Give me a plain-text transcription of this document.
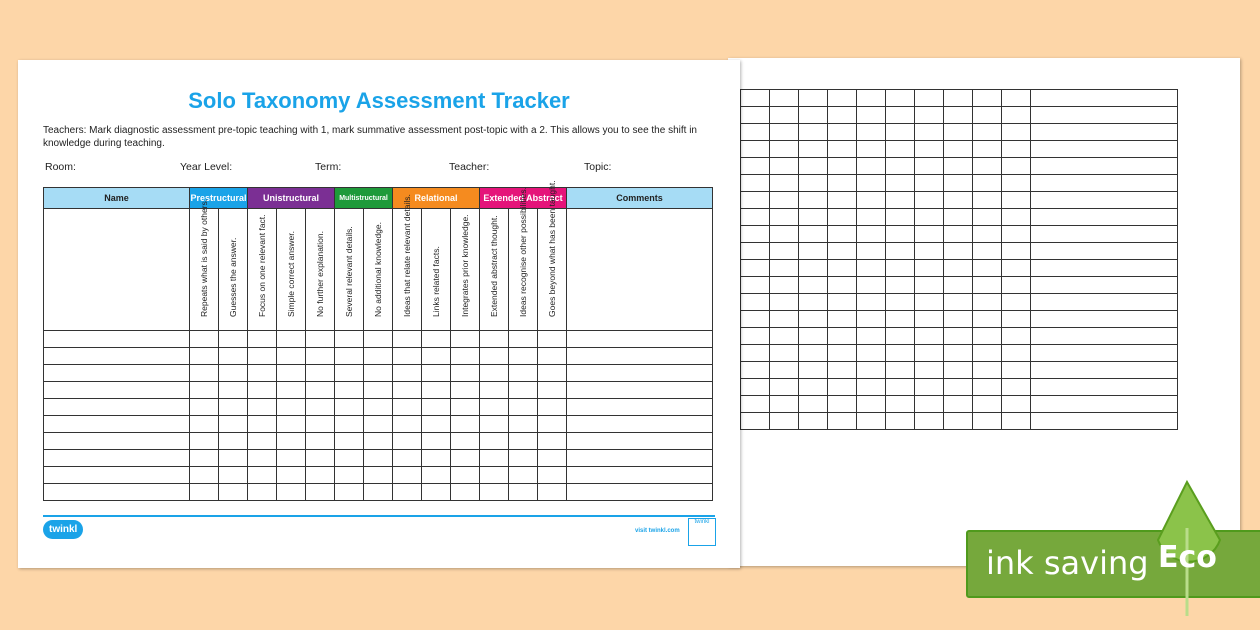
Solo Taxonomy Assessment Tracker
Teachers: Mark diagnostic assessment pre-topic teaching with 1, mark summative assessment post-topic with a 2. This allows you to see the shift in knowledge during teaching.
Room:	Year Level:	Term:	Teacher:	Topic:
Name	Prestructural		Unistructural			Multistructural		Relational			Extended Abstract			Comments

	Repeats what is said by others.	Guesses the answer.	Focus on one relevant fact.	Simple correct answer.	No further explanation.	Several relevant details.	No additional knowledge.	Ideas that relate relevant details.	Links related facts.	Integrates prior knowledge.	Extended abstract thought.	Ideas recognise other possibilities.	Goes beyond what has been taught.	

twinkl	visit twinkl.com
twinkl

ink saving Eco
